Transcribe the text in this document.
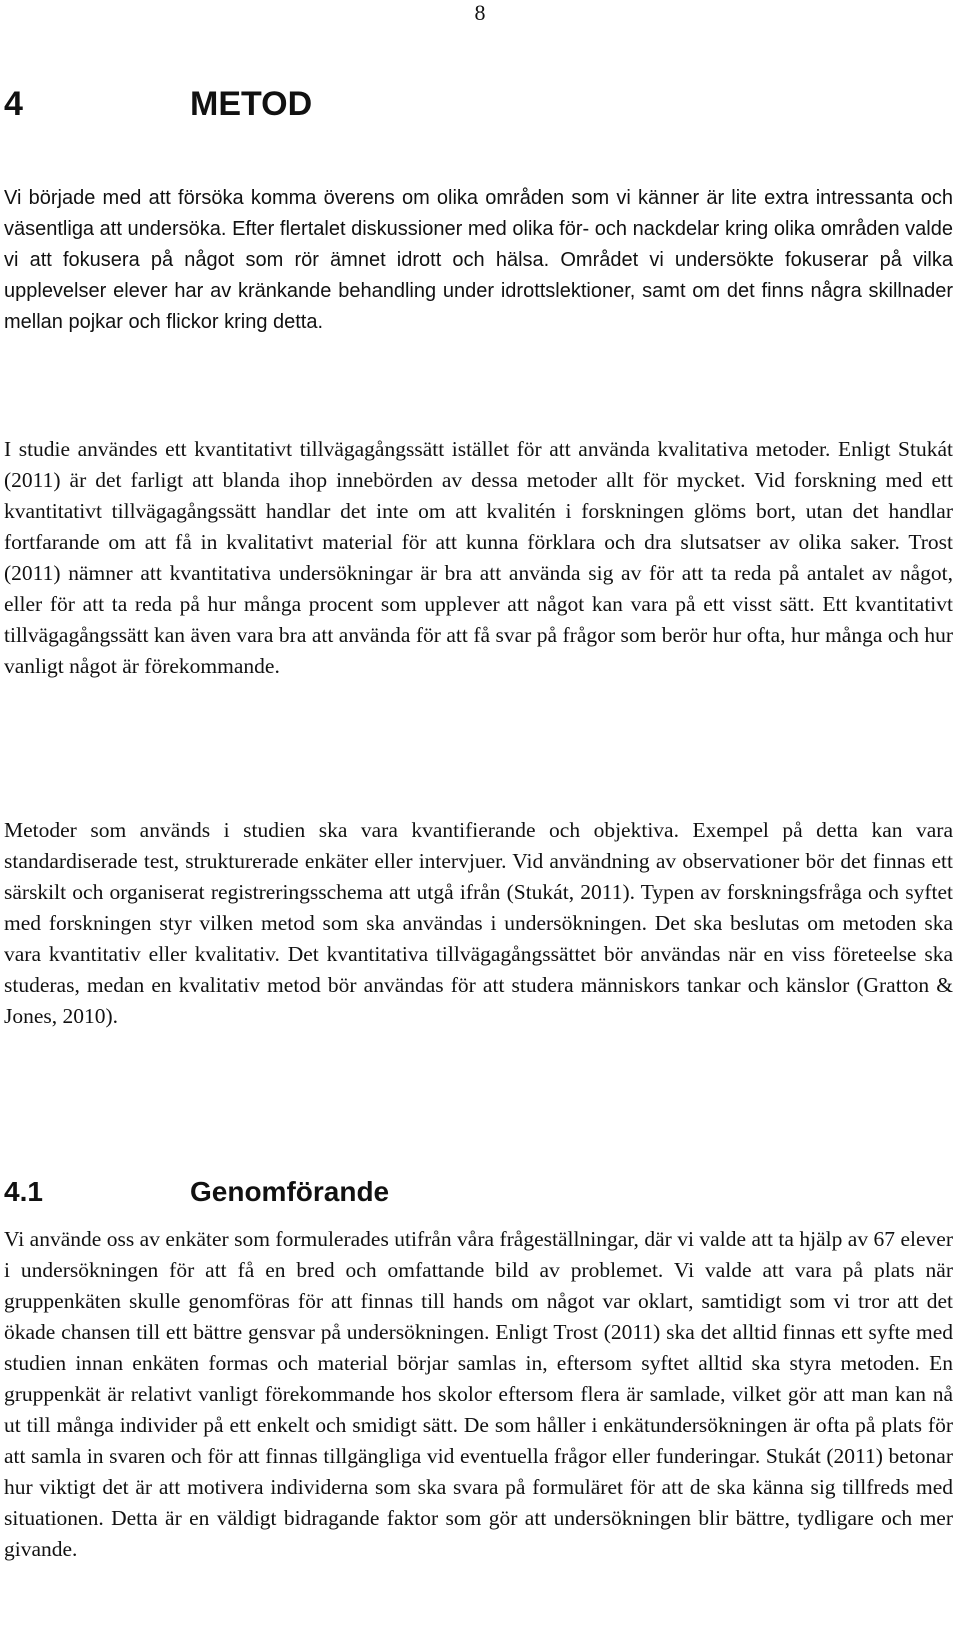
8
4	METOD

Vi började med att försöka komma överens om olika områden som vi känner är lite extra intressanta och väsentliga att undersöka. Efter flertalet diskussioner med olika för- och nackdelar kring olika områden valde vi att fokusera på något som rör ämnet idrott och hälsa. Området vi undersökte fokuserar på vilka upplevelser elever har av kränkande behandling under idrottslektioner, samt om det finns några skillnader mellan pojkar och flickor kring detta.

I studie användes ett kvantitativt tillvägagångssätt istället för att använda kvalitativa metoder. Enligt Stukát (2011) är det farligt att blanda ihop innebörden av dessa metoder allt för mycket. Vid forskning med ett kvantitativt tillvägagångssätt handlar det inte om att kvalitén i forskningen glöms bort, utan det handlar fortfarande om att få in kvalitativt material för att kunna förklara och dra slutsatser av olika saker. Trost (2011) nämner att kvantitativa undersökningar är bra att använda sig av för att ta reda på antalet av något, eller för att ta reda på hur många procent som upplever att något kan vara på ett visst sätt. Ett kvantitativt tillvägagångssätt kan även vara bra att använda för att få svar på frågor som berör hur ofta, hur många och hur vanligt något är förekommande.

Metoder som används i studien ska vara kvantifierande och objektiva. Exempel på detta kan vara standardiserade test, strukturerade enkäter eller intervjuer. Vid användning av observationer bör det finnas ett särskilt och organiserat registreringsschema att utgå ifrån (Stukát, 2011). Typen av forskningsfråga och syftet med forskningen styr vilken metod som ska användas i undersökningen. Det ska beslutas om metoden ska vara kvantitativ eller kvalitativ. Det kvantitativa tillvägagångssättet bör användas när en viss företeelse ska studeras, medan en kvalitativ metod bör användas för att studera människors tankar och känslor (Gratton & Jones, 2010).

4.1	Genomförande

Vi använde oss av enkäter som formulerades utifrån våra frågeställningar, där vi valde att ta hjälp av 67 elever i undersökningen för att få en bred och omfattande bild av problemet. Vi valde att vara på plats när gruppenkäten skulle genomföras för att finnas till hands om något var oklart, samtidigt som vi tror att det ökade chansen till ett bättre gensvar på undersökningen. Enligt Trost (2011) ska det alltid finnas ett syfte med studien innan enkäten formas och material börjar samlas in, eftersom syftet alltid ska styra metoden. En gruppenkät är relativt vanligt förekommande hos skolor eftersom flera är samlade, vilket gör att man kan nå ut till många individer på ett enkelt och smidigt sätt. De som håller i enkätundersökningen är ofta på plats för att samla in svaren och för att finnas tillgängliga vid eventuella frågor eller funderingar. Stukát (2011) betonar hur viktigt det är att motivera individerna som ska svara på formuläret för att de ska känna sig tillfreds med situationen. Detta är en väldigt bidragande faktor som gör att undersökningen blir bättre, tydligare och mer givande.
